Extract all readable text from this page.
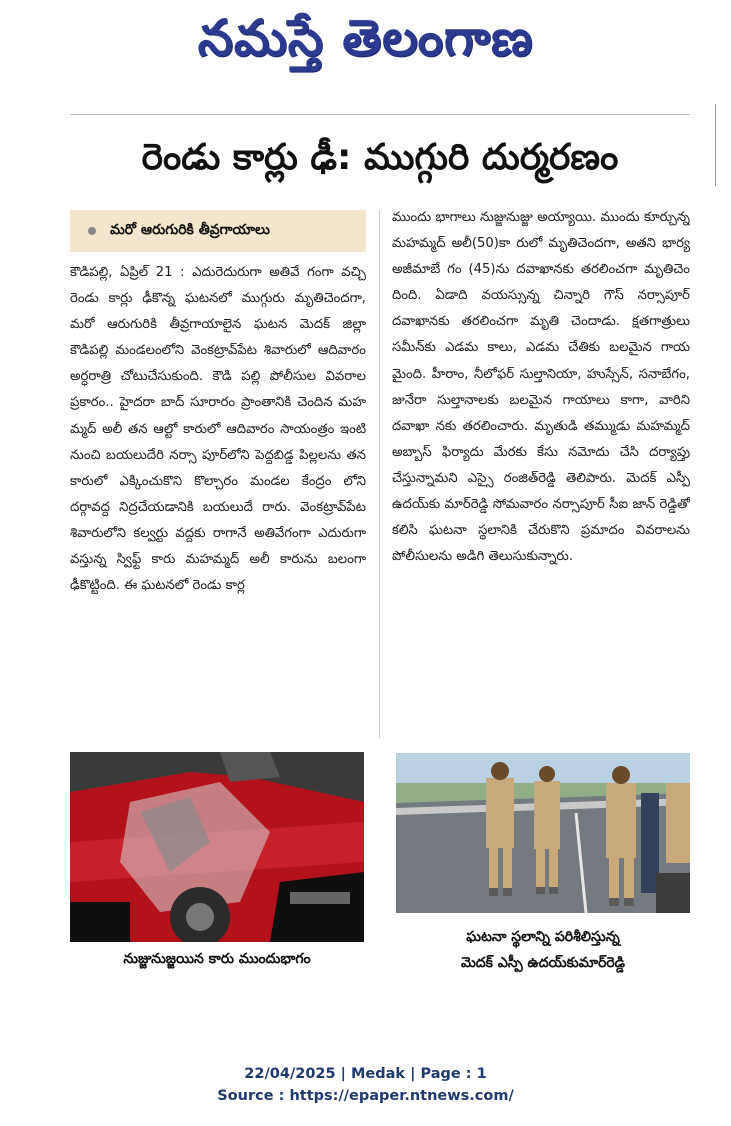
నమస్తే తెలంగాణ
రెండు కార్లు ఢీ: ముగ్గురి దుర్మరణం
మరో ఆరుగురికి తీవ్రగాయాలు
కౌడిపల్లి, ఏప్రిల్ 21 : ఎదురెదురుగా అతివే గంగా వచ్చి రెండు కార్లు ఢీకొన్న ఘటనలో ముగ్గురు మృతిచెందగా, మరో ఆరుగురికి తీవ్రగాయాలైన ఘటన మెదక్ జిల్లా కౌడిపల్లి మండలంలోని వెంకట్రావ్‌పేట శివారులో ఆదివారం అర్ధరాత్రి చోటుచేసుకుంది. కౌడి పల్లి పోలీసుల వివరాల ప్రకారం.. హైదరా బాద్ సూరారం ప్రాంతానికి చెందిన మహ మ్మద్ అలీ తన ఆల్టో కారులో ఆదివారం సాయంత్రం ఇంటి నుంచి బయలుదేరి నర్సా పూర్‌లోని పెద్దబిడ్డ పిల్లలను తన కారులో ఎక్కించుకొని కొల్చారం మండల కేంద్రం లోని దర్గావద్ద నిద్రచేయడానికి బయలుదే రారు. వెంకట్రావ్‌పేట శివారులోని కల్వర్టు వద్దకు రాగానే అతివేగంగా ఎదురుగా వస్తున్న స్విఫ్ట్ కారు మహమ్మద్ అలీ కారును బలంగా ఢీకొట్టింది. ఈ ఘటనలో రెండు కార్ల
ముందు భాగాలు నుజ్జునుజ్జు అయ్యాయి. ముందు కూర్చున్న మహమ్మద్ అలీ(50)కా రులో మృతిచెందగా, అతని భార్య అజీమాబే గం (45)ను దవాఖానకు తరలించగా మృతిచెం దింది. ఏడాది వయస్సున్న చిన్నారి గౌస్ నర్సాపూర్ దవాఖానకు తరలించగా మృతి చెందాడు. క్షతగాత్రులు సమీన్‌కు ఎడమ కాలు, ఎడమ చేతికు బలమైన గాయ మైంది. హీరాం, నీలోఫర్ సుల్తానియా, హుస్సేన్, సనాబేగం, జునేరా సుల్తానాలకు బలమైన గాయాలు కాగా, వారిని దవాఖా నకు తరలించారు. మృతుడి తమ్ముడు మహమ్మద్ అబ్బాస్ ఫిర్యాదు మేరకు కేసు నమోదు చేసి దర్యాప్తు చేస్తున్నామని ఎస్సై రంజిత్‌రెడ్డి తెలిపారు. మెదక్ ఎస్పీ ఉదయ్‌కు మార్‌రెడ్డి సోమవారం నర్సాపూర్ సీఐ జాన్ రెడ్డితో కలిసి ఘటనా స్థలానికి చేరుకొని ప్రమాదం వివరాలను పోలీసులను అడిగి తెలుసుకున్నారు.
నుజ్జునుజ్జయిన కారు ముందుభాగం
ఘటనా స్థలాన్ని పరిశీలిస్తున్న
మెదక్ ఎస్పీ ఉదయ్‌కుమార్‌రెడ్డి
22/04/2025 | Medak | Page : 1
Source : https://epaper.ntnews.com/
